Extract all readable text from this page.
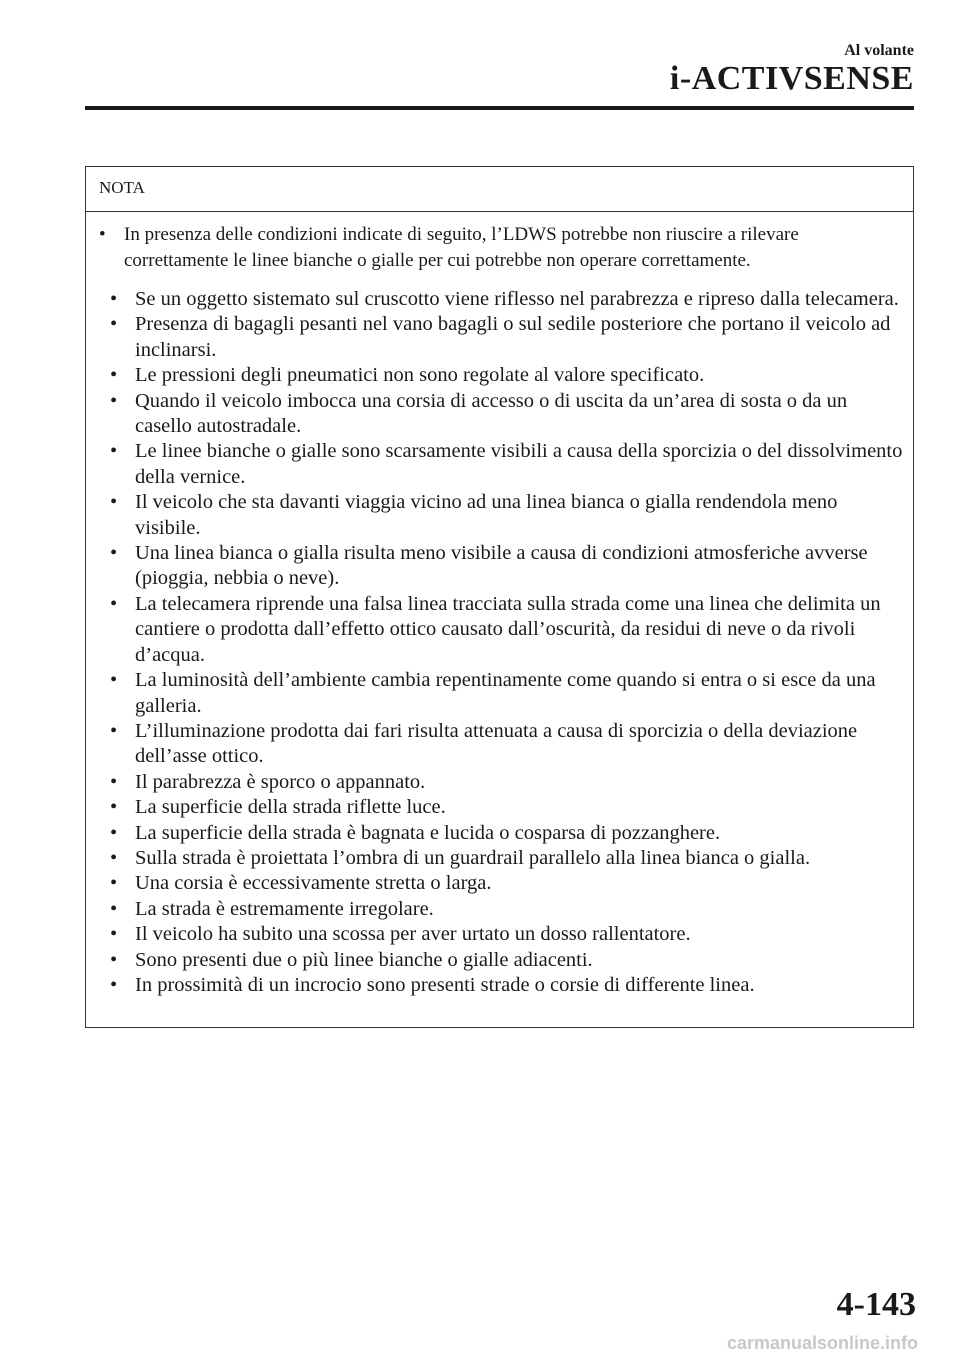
Al volante
i-ACTIVSENSE
NOTA
• In presenza delle condizioni indicate di seguito, l’LDWS potrebbe non riuscire a rilevare correttamente le linee bianche o gialle per cui potrebbe non operare correttamente.
• Se un oggetto sistemato sul cruscotto viene riflesso nel parabrezza e ripreso dalla telecamera.
• Presenza di bagagli pesanti nel vano bagagli o sul sedile posteriore che portano il veicolo ad inclinarsi.
• Le pressioni degli pneumatici non sono regolate al valore specificato.
• Quando il veicolo imbocca una corsia di accesso o di uscita da un’area di sosta o da un casello autostradale.
• Le linee bianche o gialle sono scarsamente visibili a causa della sporcizia o del dissolvimento della vernice.
• Il veicolo che sta davanti viaggia vicino ad una linea bianca o gialla rendendola meno visibile.
• Una linea bianca o gialla risulta meno visibile a causa di condizioni atmosferiche avverse (pioggia, nebbia o neve).
• La telecamera riprende una falsa linea tracciata sulla strada come una linea che delimita un cantiere o prodotta dall’effetto ottico causato dall’oscurità, da residui di neve o da rivoli d’acqua.
• La luminosità dell’ambiente cambia repentinamente come quando si entra o si esce da una galleria.
• L’illuminazione prodotta dai fari risulta attenuata a causa di sporcizia o della deviazione dell’asse ottico.
• Il parabrezza è sporco o appannato.
• La superficie della strada riflette luce.
• La superficie della strada è bagnata e lucida o cosparsa di pozzanghere.
• Sulla strada è proiettata l’ombra di un guardrail parallelo alla linea bianca o gialla.
• Una corsia è eccessivamente stretta o larga.
• La strada è estremamente irregolare.
• Il veicolo ha subito una scossa per aver urtato un dosso rallentatore.
• Sono presenti due o più linee bianche o gialle adiacenti.
• In prossimità di un incrocio sono presenti strade o corsie di differente linea.
4-143
carmanualsonline.info
